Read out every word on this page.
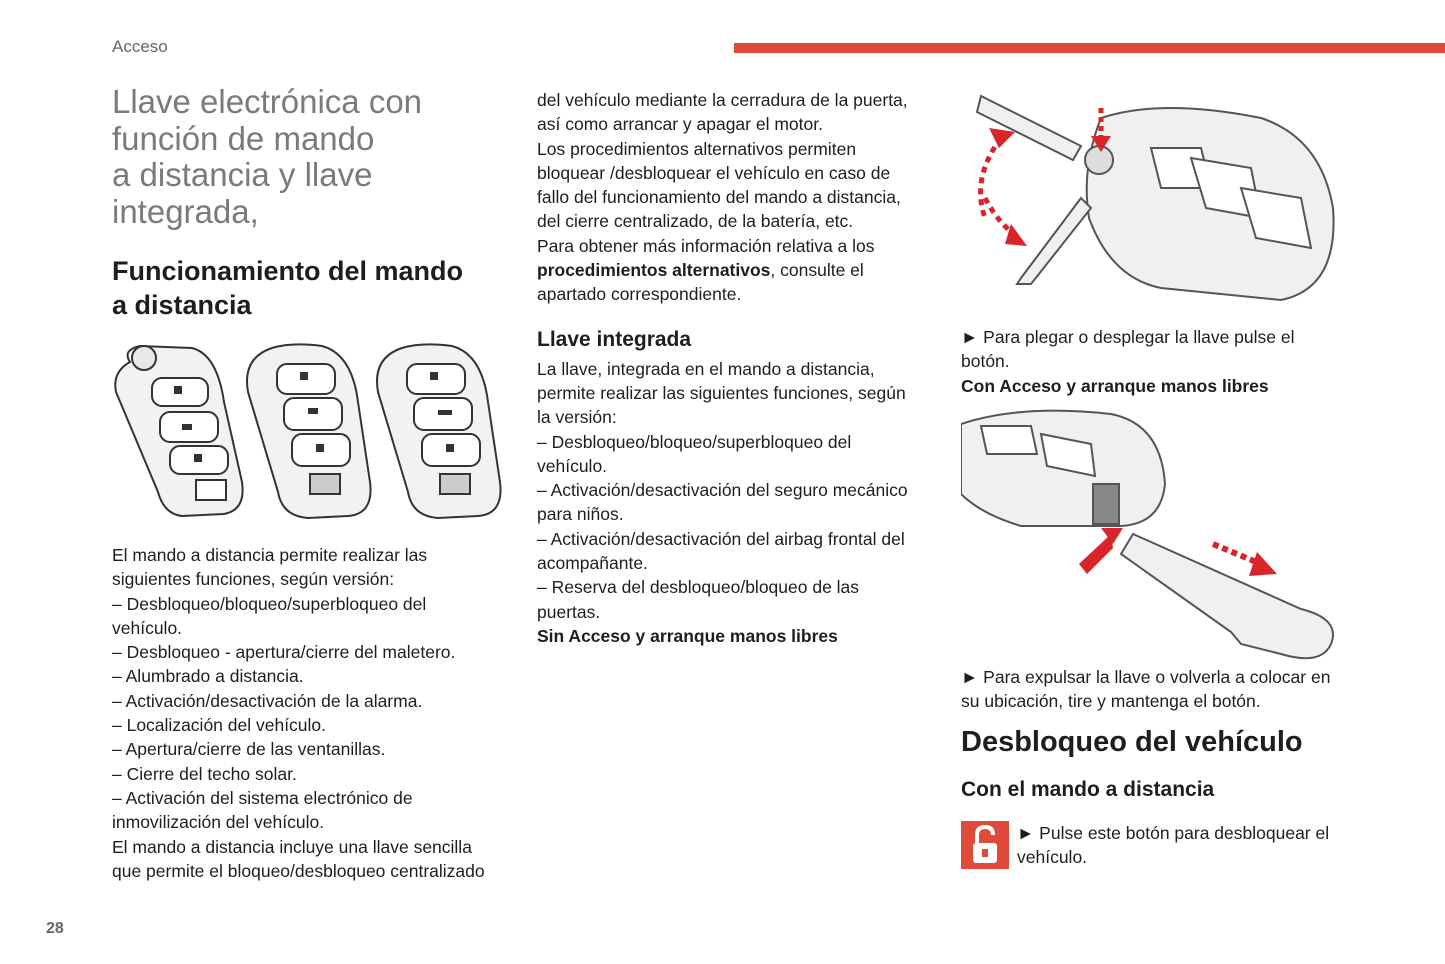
Acceso
Llave electrónica con
función de mando
a distancia y llave
integrada,
Funcionamiento del mando
a distancia

El mando a distancia permite realizar las

siguientes funciones, según versión:

– Desbloqueo/bloqueo/superbloqueo del

vehículo.

– Desbloqueo - apertura/cierre del maletero.

– Alumbrado a distancia.

– Activación/desactivación de la alarma.

– Localización del vehículo.

– Apertura/cierre de las ventanillas.

– Cierre del techo solar.

– Activación del sistema electrónico de

inmovilización del vehículo.

El mando a distancia incluye una llave sencilla

que permite el bloqueo/desbloqueo centralizado

del vehículo mediante la cerradura de la puerta,

así como arrancar y apagar el motor.

Los procedimientos alternativos permiten

bloquear /desbloquear el vehículo en caso de

fallo del funcionamiento del mando a distancia,

del cierre centralizado, de la batería, etc.

Para obtener más información relativa a los

procedimientos alternativos, consulte el

apartado correspondiente.

Llave integrada

La llave, integrada en el mando a distancia,

permite realizar las siguientes funciones, según

la versión:

– Desbloqueo/bloqueo/superbloqueo del

vehículo.

– Activación/desactivación del seguro mecánico

para niños.

– Activación/desactivación del airbag frontal del

acompañante.

– Reserva del desbloqueo/bloqueo de las

puertas.

Sin Acceso y arranque manos libres

► Para plegar o desplegar la llave pulse el

botón.

Con Acceso y arranque manos libres

► Para expulsar la llave o volverla a colocar en

su ubicación, tire y mantenga el botón.

Desbloqueo del vehículo
Con el mando a distancia

► Pulse este botón para desbloquear el

vehículo.

28
